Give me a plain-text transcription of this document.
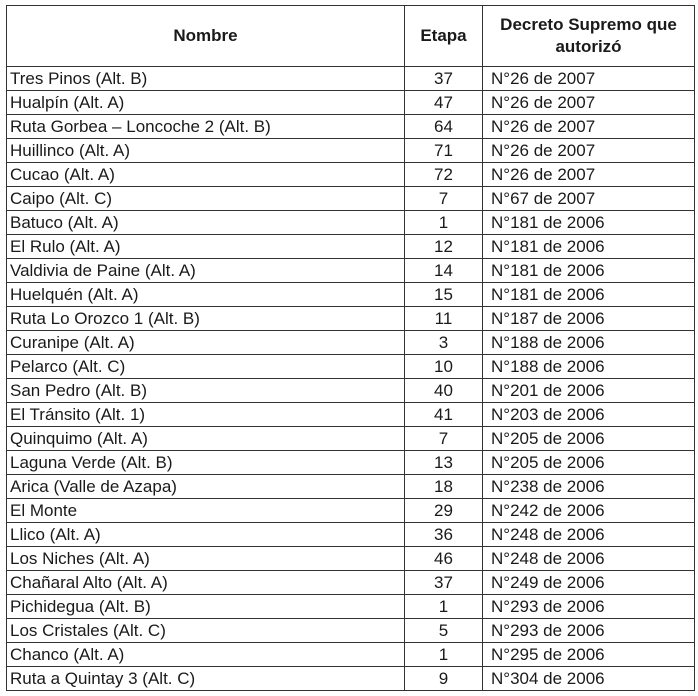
Nombre	Etapa	Decreto Supremo que autorizó
Tres Pinos (Alt. B)	37	N°26 de 2007
Hualpín (Alt. A)	47	N°26 de 2007
Ruta Gorbea – Loncoche 2 (Alt. B)	64	N°26 de 2007
Huillinco (Alt. A)	71	N°26 de 2007
Cucao (Alt. A)	72	N°26 de 2007
Caipo (Alt. C)	7	N°67 de 2007
Batuco (Alt. A)	1	N°181 de 2006
El Rulo (Alt. A)	12	N°181 de 2006
Valdivia de Paine (Alt. A)	14	N°181 de 2006
Huelquén (Alt. A)	15	N°181 de 2006
Ruta Lo Orozco 1 (Alt. B)	11	N°187 de 2006
Curanipe (Alt. A)	3	N°188 de 2006
Pelarco (Alt. C)	10	N°188 de 2006
San Pedro (Alt. B)	40	N°201 de 2006
El Tránsito (Alt. 1)	41	N°203 de 2006
Quinquimo (Alt. A)	7	N°205 de 2006
Laguna Verde (Alt. B)	13	N°205 de 2006
Arica (Valle de Azapa)	18	N°238 de 2006
El Monte	29	N°242 de 2006
Llico (Alt. A)	36	N°248 de 2006
Los Niches (Alt. A)	46	N°248 de 2006
Chañaral Alto (Alt. A)	37	N°249 de 2006
Pichidegua (Alt. B)	1	N°293 de 2006
Los Cristales (Alt. C)	5	N°293 de 2006
Chanco (Alt. A)	1	N°295 de 2006
Ruta a Quintay 3 (Alt. C)	9	N°304 de 2006
